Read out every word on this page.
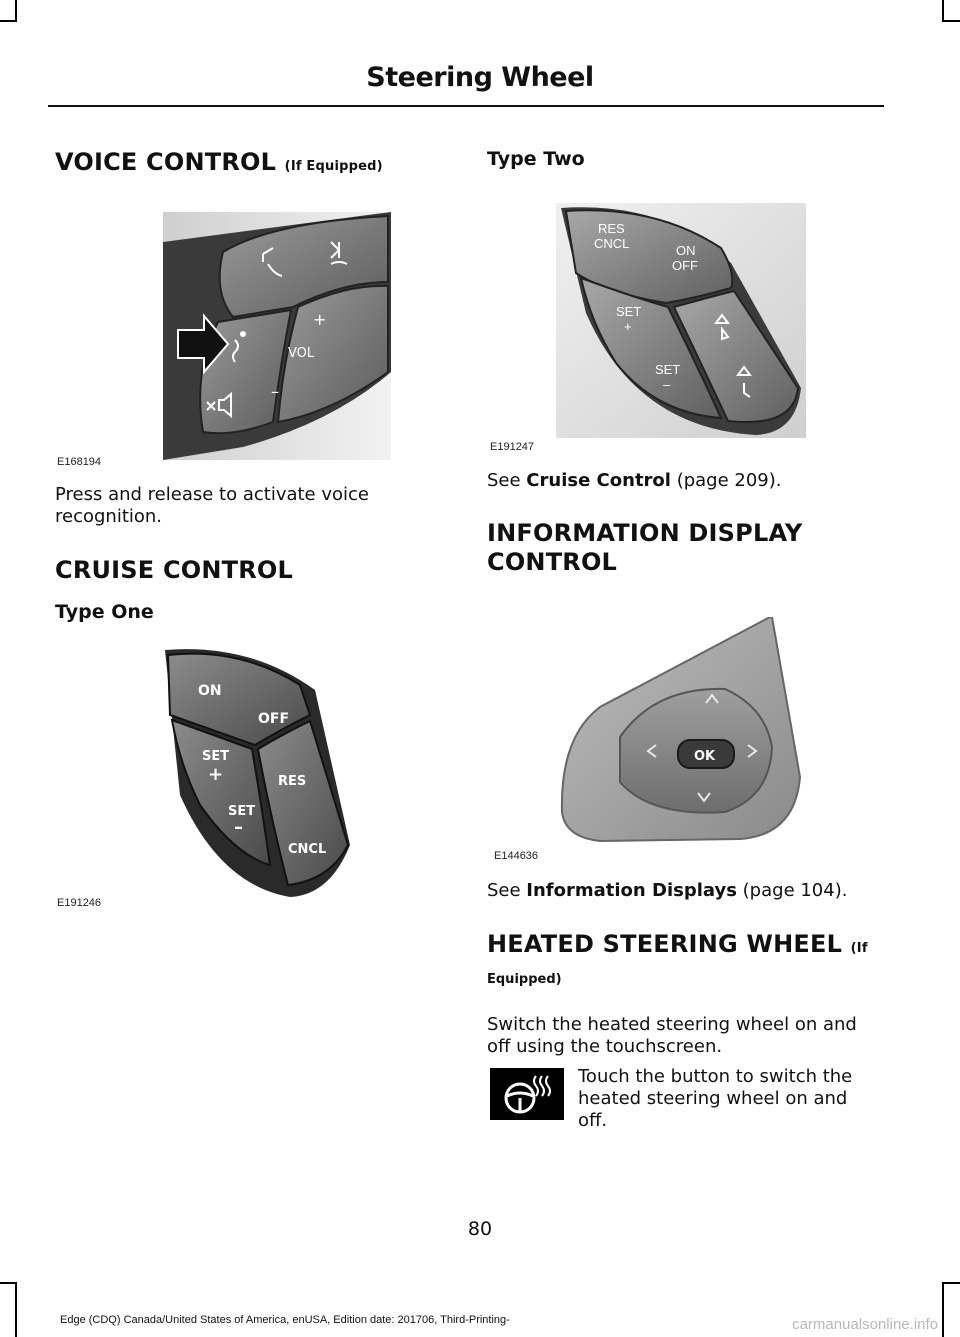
Steering Wheel
VOICE CONTROL (If Equipped)
+
VOL
–
E168194
Press and release to activate voice recognition.
CRUISE CONTROL
Type One
ON
OFF
SET
+	RES
SET
–
CNCL
E191246
Type Two
RES
CNCL	ON
OFF
SET
+
SET
–
E191247
See Cruise Control (page 209).
INFORMATION DISPLAY
CONTROL
OK
E144636
See Information Displays (page 104).
HEATED STEERING WHEEL (If
Equipped)
Switch the heated steering wheel on and off using the touchscreen.
Touch the button to switch the heated steering wheel on and off.
80
Edge (CDQ) Canada/United States of America, enUSA, Edition date: 201706, Third-Printing-	carmanualsonline.info
